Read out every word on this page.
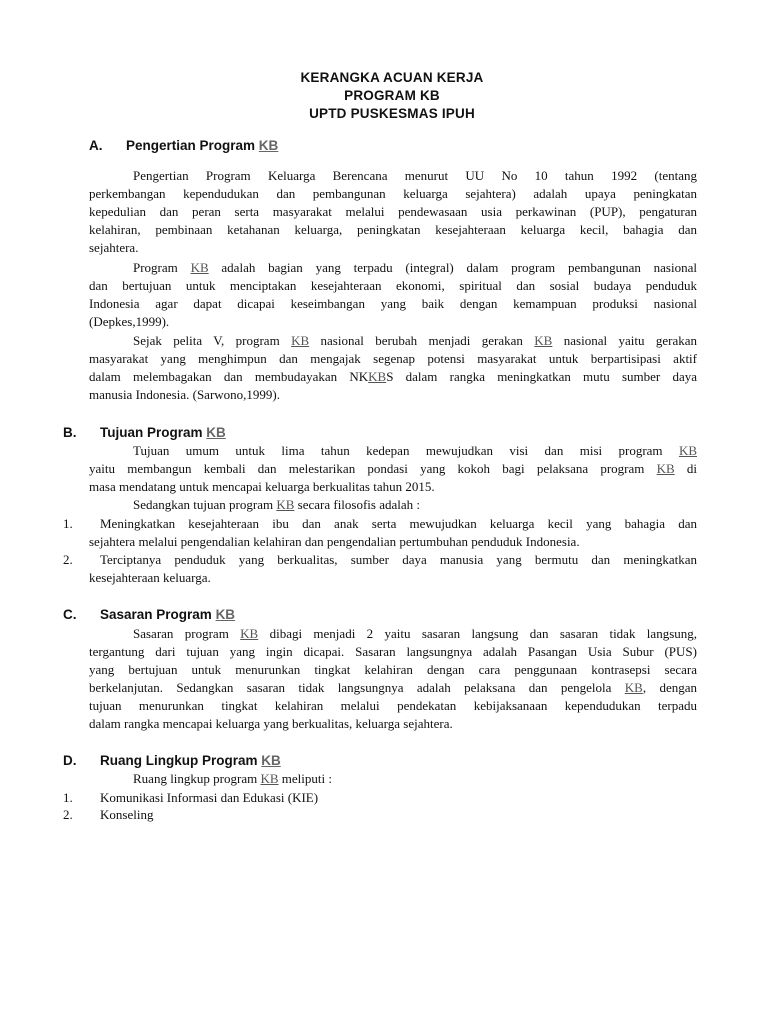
KERANGKA ACUAN KERJA
PROGRAM KB
UPTD PUSKESMAS IPUH
A. Pengertian Program KB
Pengertian Program Keluarga Berencana menurut UU No 10 tahun 1992 (tentang
perkembangan kependudukan dan pembangunan keluarga sejahtera) adalah upaya peningkatan
kepedulian dan peran serta masyarakat melalui pendewasaan usia perkawinan (PUP), pengaturan
kelahiran, pembinaan ketahanan keluarga, peningkatan kesejahteraan keluarga kecil, bahagia dan
sejahtera.
Program KB adalah bagian yang terpadu (integral) dalam program pembangunan nasional
dan bertujuan untuk menciptakan kesejahteraan ekonomi, spiritual dan sosial budaya penduduk
Indonesia agar dapat dicapai keseimbangan yang baik dengan kemampuan produksi nasional
(Depkes,1999).
Sejak pelita V, program KB nasional berubah menjadi gerakan KB nasional yaitu gerakan
masyarakat yang menghimpun dan mengajak segenap potensi masyarakat untuk berpartisipasi aktif
dalam melembagakan dan membudayakan NKKBS dalam rangka meningkatkan mutu sumber daya
manusia Indonesia. (Sarwono,1999).
B. Tujuan Program KB
Tujuan umum untuk lima tahun kedepan mewujudkan visi dan misi program KB
yaitu membangun kembali dan melestarikan pondasi yang kokoh bagi pelaksana program KB di
masa mendatang untuk mencapai keluarga berkualitas tahun 2015.
Sedangkan tujuan program KB secara filosofis adalah :
1. Meningkatkan kesejahteraan ibu dan anak serta mewujudkan keluarga kecil yang bahagia dan
sejahtera melalui pengendalian kelahiran dan pengendalian pertumbuhan penduduk Indonesia.
2. Terciptanya penduduk yang berkualitas, sumber daya manusia yang bermutu dan meningkatkan
kesejahteraan keluarga.
C. Sasaran Program KB
Sasaran program KB dibagi menjadi 2 yaitu sasaran langsung dan sasaran tidak langsung,
tergantung dari tujuan yang ingin dicapai. Sasaran langsungnya adalah Pasangan Usia Subur (PUS)
yang bertujuan untuk menurunkan tingkat kelahiran dengan cara penggunaan kontrasepsi secara
berkelanjutan. Sedangkan sasaran tidak langsungnya adalah pelaksana dan pengelola KB, dengan
tujuan menurunkan tingkat kelahiran melalui pendekatan kebijaksanaan kependudukan terpadu
dalam rangka mencapai keluarga yang berkualitas, keluarga sejahtera.
D. Ruang Lingkup Program KB
Ruang lingkup program KB meliputi :
1. Komunikasi Informasi dan Edukasi (KIE)
2. Konseling
